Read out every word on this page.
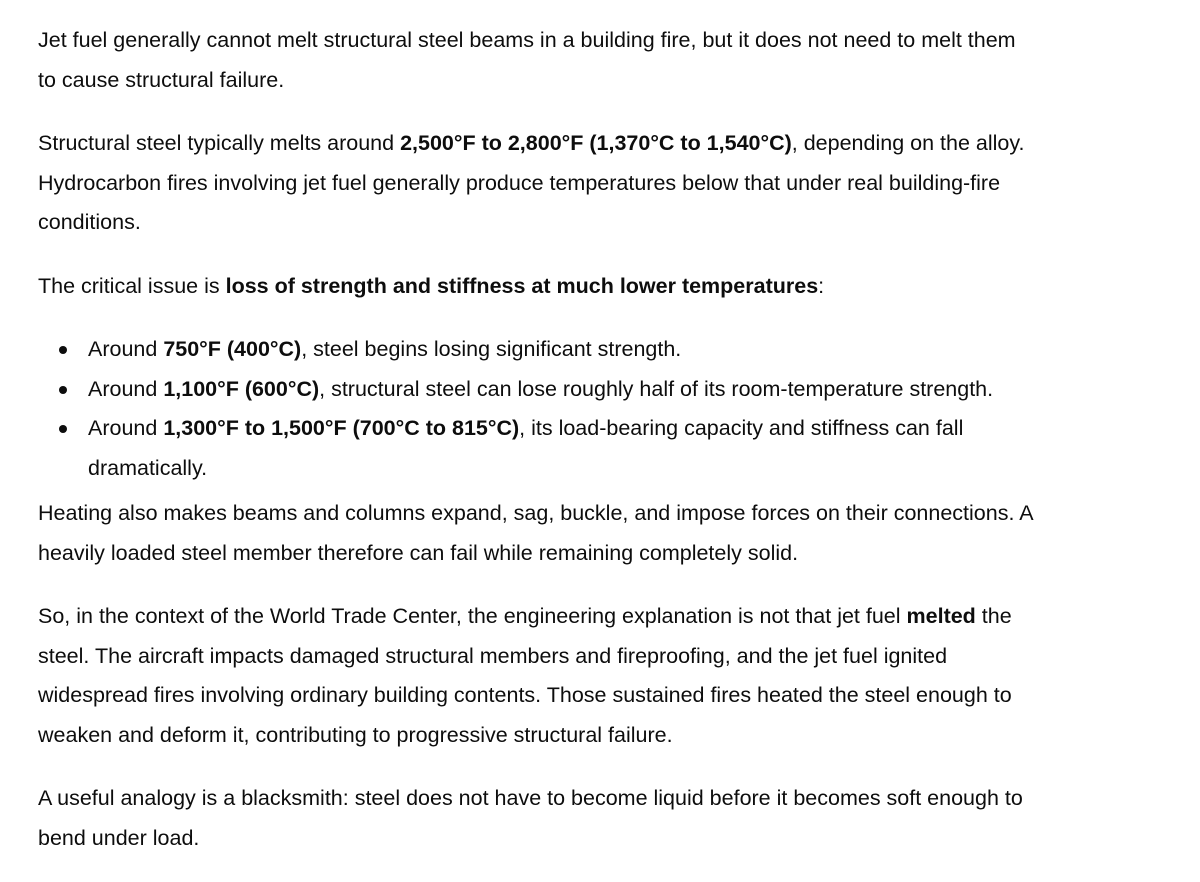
Jet fuel generally cannot melt structural steel beams in a building fire, but it does not need to melt them
to cause structural failure.

Structural steel typically melts around 2,500°F to 2,800°F (1,370°C to 1,540°C), depending on the alloy.
Hydrocarbon fires involving jet fuel generally produce temperatures below that under real building-fire
conditions.

The critical issue is loss of strength and stiffness at much lower temperatures:

Around 750°F (400°C), steel begins losing significant strength.
Around 1,100°F (600°C), structural steel can lose roughly half of its room-temperature strength.
Around 1,300°F to 1,500°F (700°C to 815°C), its load-bearing capacity and stiffness can fall
dramatically.

Heating also makes beams and columns expand, sag, buckle, and impose forces on their connections. A
heavily loaded steel member therefore can fail while remaining completely solid.

So, in the context of the World Trade Center, the engineering explanation is not that jet fuel melted the
steel. The aircraft impacts damaged structural members and fireproofing, and the jet fuel ignited
widespread fires involving ordinary building contents. Those sustained fires heated the steel enough to
weaken and deform it, contributing to progressive structural failure.

A useful analogy is a blacksmith: steel does not have to become liquid before it becomes soft enough to
bend under load.
